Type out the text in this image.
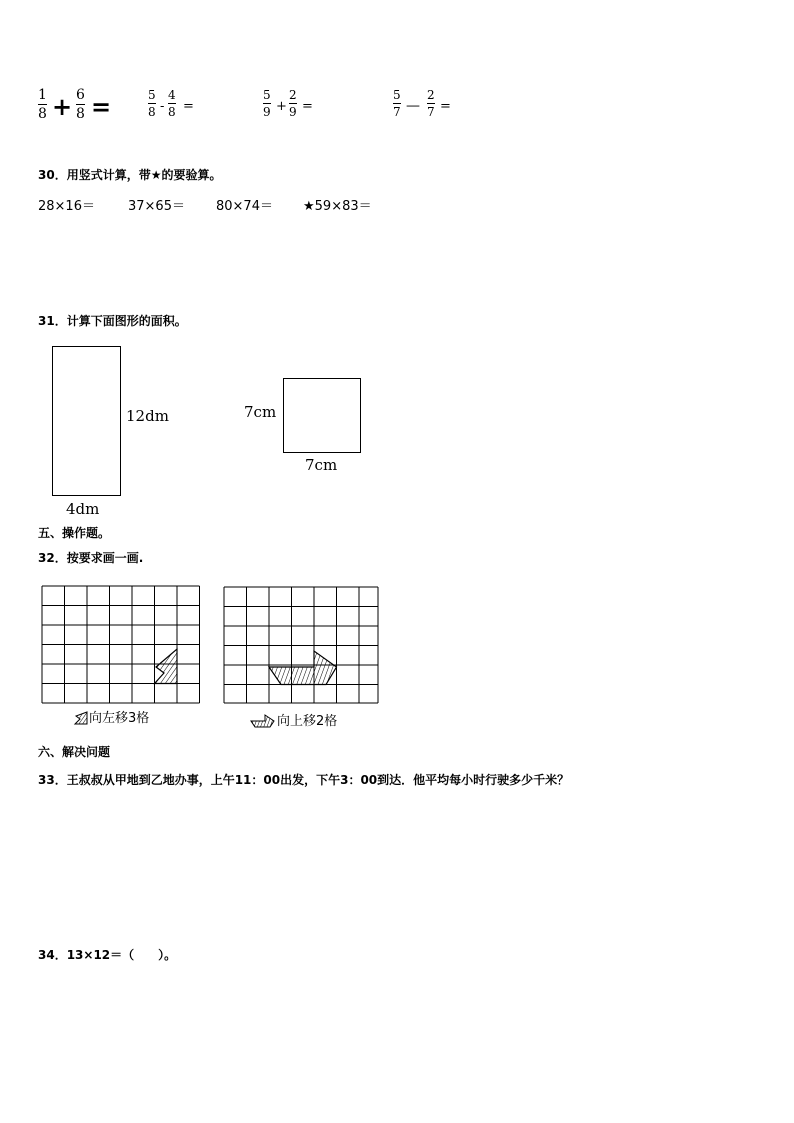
1
8 + 6
8 =	5
8 -
4
8 =
5
9 +
2
9 =
5
7 —
2
7 =
30．用竖式计算，带★的要验算。
28×16＝	37×65＝ 80×74＝ ★59×83＝
31．计算下面图形的面积。
12dm
4dm
7cm
7cm
五、操作题。
32．按要求画一画.
向左移3格	向上移2格
六、解决问题
33．王叔叔从甲地到乙地办事，上午11：00出发，下午3：00到达．他平均每小时行驶多少千米？
34．13×12＝（　　）。
